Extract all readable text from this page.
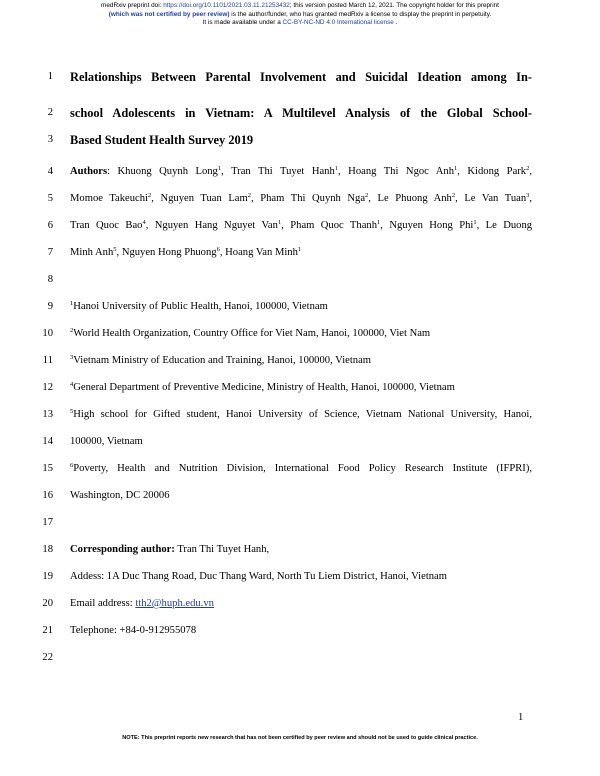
medRxiv preprint doi: https://doi.org/10.1101/2021.03.11.21253432; this version posted March 12, 2021. The copyright holder for this preprint
(which was not certified by peer review) is the author/funder, who has granted medRxiv a license to display the preprint in perpetuity.
It is made available under a CC-BY-NC-ND 4.0 International license .
1 Relationships Between Parental Involvement and Suicidal Ideation among In-
2 school Adolescents in Vietnam: A Multilevel Analysis of the Global School-
3 Based Student Health Survey 2019
4 Authors: Khuong Quynh Long$^1$, Tran Thi Tuyet Hanh$^1$, Hoang Thi Ngoc Anh$^1$, Kidong Park$^2$,
5 Momoe Takeuchi$^2$, Nguyen Tuan Lam$^2$, Pham Thi Quynh Nga$^2$, Le Phuong Anh$^2$, Le Van Tuan$^3$,
6 Tran Quoc Bao$^4$, Nguyen Hang Nguyet Van$^1$, Pham Quoc Thanh$^1$, Nguyen Hong Phi$^1$, Le Duong
7 Minh Anh$^5$, Nguyen Hong Phuong$^6$, Hoang Van Minh$^1$
8
9	$^1$Hanoi University of Public Health, Hanoi, 100000, Vietnam
10	$^2$World Health Organization, Country Office for Viet Nam, Hanoi, 100000, Viet Nam
11	$^3$Vietnam Ministry of Education and Training, Hanoi, 100000, Vietnam
12	$^4$General Department of Preventive Medicine, Ministry of Health, Hanoi, 100000, Vietnam
13	$^5$High school for Gifted student, Hanoi University of Science, Vietnam National University, Hanoi,
14 100000, Vietnam
15	$^6$Poverty, Health and Nutrition Division, International Food Policy Research Institute (IFPRI),
16 Washington, DC 20006
17
18 Corresponding author: Tran Thi Tuyet Hanh,
19 Addess: 1A Duc Thang Road, Duc Thang Ward, North Tu Liem District, Hanoi, Vietnam
20 Email address: tth2@huph.edu.vn
21 Telephone: +84-0-912955078
22
1
NOTE: This preprint reports new research that has not been certified by peer review and should not be used to guide clinical practice.
